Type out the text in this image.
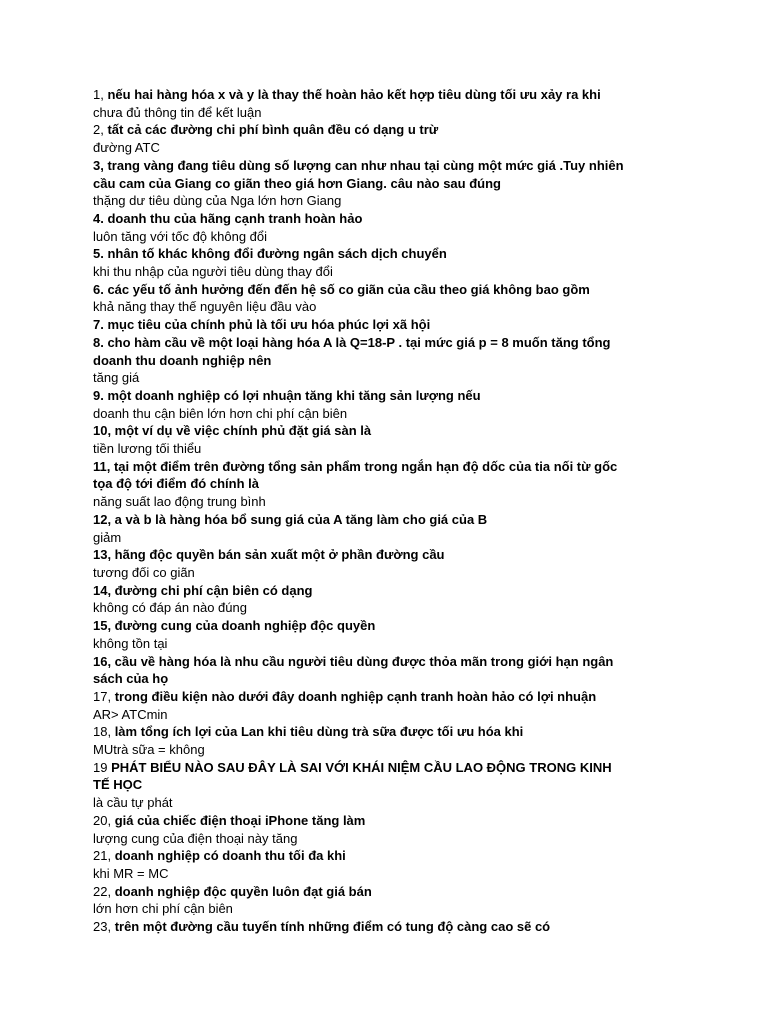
1, nếu hai hàng hóa x và y là thay thế hoàn hảo kết hợp tiêu dùng tối ưu xảy ra khi
chưa đủ thông tin để kết luận
2, tất cả các đường chi phí bình quân đều có dạng u trừ
đường ATC
3, trang vàng đang tiêu dùng số lượng can như nhau tại cùng một mức giá .Tuy nhiên
cầu cam của Giang co giãn theo giá hơn Giang. câu nào sau đúng
thặng dư tiêu dùng của Nga lớn hơn Giang
4. doanh thu của hãng cạnh tranh hoàn hảo
luôn tăng với tốc độ không đổi
5. nhân tố khác không đổi đường ngân sách dịch chuyển
khi thu nhập của người tiêu dùng thay đổi
6. các yếu tố ảnh hưởng đến đến hệ số co giãn của cầu theo giá không bao gồm
khả năng thay thế nguyên liệu đầu vào
7. mục tiêu của chính phủ là tối ưu hóa phúc lợi xã hội
8. cho hàm cầu về một loại hàng hóa A là Q=18-P . tại mức giá p = 8 muốn tăng tổng
doanh thu doanh nghiệp nên
tăng giá
9. một doanh nghiệp có lợi nhuận tăng khi tăng sản lượng nếu
doanh thu cận biên lớn hơn chi phí cận biên
10, một ví dụ về việc chính phủ đặt giá sàn là
tiền lương tối thiểu
11, tại một điểm trên đường tổng sản phẩm trong ngắn hạn độ dốc của tia nối từ gốc
tọa độ tới điểm đó chính là
năng suất lao động trung bình
12, a và b là hàng hóa bổ sung giá của A tăng làm cho giá của B
giảm
13, hãng độc quyền bán sản xuất một ở phần đường cầu
tương đối co giãn
14, đường chi phí cận biên có dạng
không có đáp án nào đúng
15, đường cung của doanh nghiệp độc quyền
không tồn tại
16, cầu về hàng hóa là nhu cầu người tiêu dùng được thỏa mãn trong giới hạn ngân
sách của họ
17, trong điều kiện nào dưới đây doanh nghiệp cạnh tranh hoàn hảo có lợi nhuận
AR> ATCmin
18, làm tổng ích lợi của Lan khi tiêu dùng trà sữa được tối ưu hóa khi
MUtrà sữa = không
19 PHÁT BIỂU NÀO SAU ĐÂY LÀ SAI VỚI KHÁI NIỆM CẦU LAO ĐỘNG TRONG KINH
TẾ HỌC
là cầu tự phát
20, giá của chiếc điện thoại iPhone tăng làm
lượng cung của điện thoại này tăng
21, doanh nghiệp có doanh thu tối đa khi
khi MR = MC
22, doanh nghiệp độc quyền luôn đạt giá bán
lớn hơn chi phí cận biên
23, trên một đường cầu tuyến tính những điểm có tung độ càng cao sẽ có
